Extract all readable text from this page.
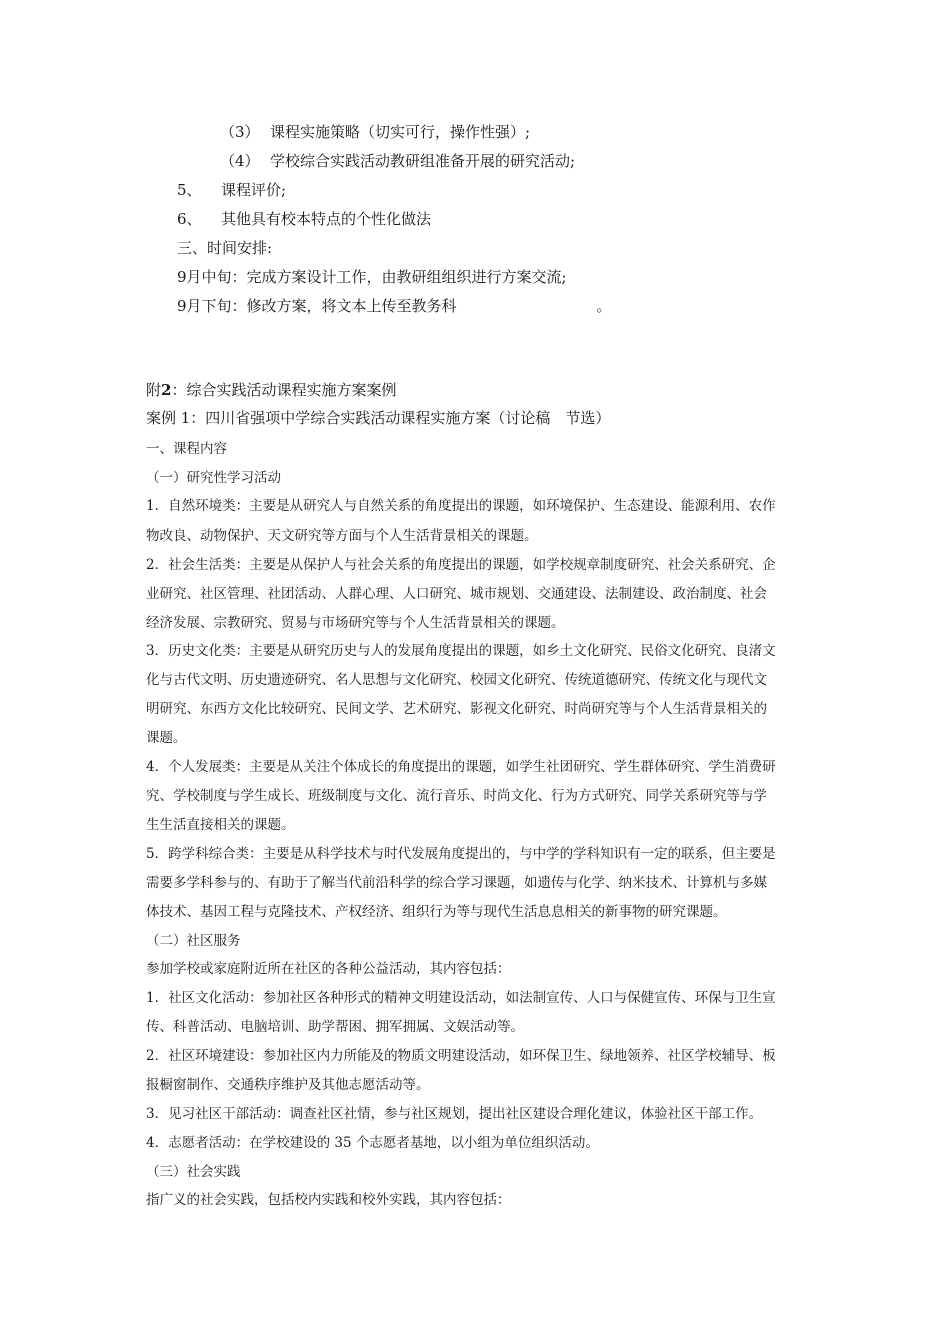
（3） 课程实施策略（切实可行，操作性强）;
（4） 学校综合实践活动教研组准备开展的研究活动;
5、 课程评价;
6、 其他具有校本特点的个性化做法
三、时间安排:
9月中旬：完成方案设计工作，由教研组组织进行方案交流;
9月下旬：修改方案，将文本上传至教务科	。
附2：综合实践活动课程实施方案案例
案例 1：四川省强项中学综合实践活动课程实施方案（讨论稿　节选）
一、课程内容
（一）研究性学习活动
1．自然环境类：主要是从研究人与自然关系的角度提出的课题，如环境保护、生态建设、能源利用、农作
物改良、动物保护、天文研究等方面与个人生活背景相关的课题。
2．社会生活类：主要是从保护人与社会关系的角度提出的课题，如学校规章制度研究、社会关系研究、企
业研究、社区管理、社团活动、人群心理、人口研究、城市规划、交通建设、法制建设、政治制度、社会
经济发展、宗教研究、贸易与市场研究等与个人生活背景相关的课题。
3．历史文化类：主要是从研究历史与人的发展角度提出的课题，如乡土文化研究、民俗文化研究、良渚文
化与古代文明、历史遗迹研究、名人思想与文化研究、校园文化研究、传统道德研究、传统文化与现代文
明研究、东西方文化比较研究、民间文学、艺术研究、影视文化研究、时尚研究等与个人生活背景相关的
课题。
4．个人发展类：主要是从关注个体成长的角度提出的课题，如学生社团研究、学生群体研究、学生消费研
究、学校制度与学生成长、班级制度与文化、流行音乐、时尚文化、行为方式研究、同学关系研究等与学
生生活直接相关的课题。
5．跨学科综合类：主要是从科学技术与时代发展角度提出的，与中学的学科知识有一定的联系，但主要是
需要多学科参与的、有助于了解当代前沿科学的综合学习课题，如遗传与化学、纳米技术、计算机与多媒
体技术、基因工程与克隆技术、产权经济、组织行为等与现代生活息息相关的新事物的研究课题。
（二）社区服务
参加学校或家庭附近所在社区的各种公益活动，其内容包括：
1．社区文化活动：参加社区各种形式的精神文明建设活动，如法制宣传、人口与保健宣传、环保与卫生宣
传、科普活动、电脑培训、助学帮困、拥军拥属、文娱活动等。
2．社区环境建设：参加社区内力所能及的物质文明建设活动，如环保卫生、绿地领养、社区学校辅导、板
报橱窗制作、交通秩序维护及其他志愿活动等。
3．见习社区干部活动：调查社区社情，参与社区规划，提出社区建设合理化建议，体验社区干部工作。
4．志愿者活动：在学校建设的 35 个志愿者基地，以小组为单位组织活动。
（三）社会实践
指广义的社会实践，包括校内实践和校外实践，其内容包括：
